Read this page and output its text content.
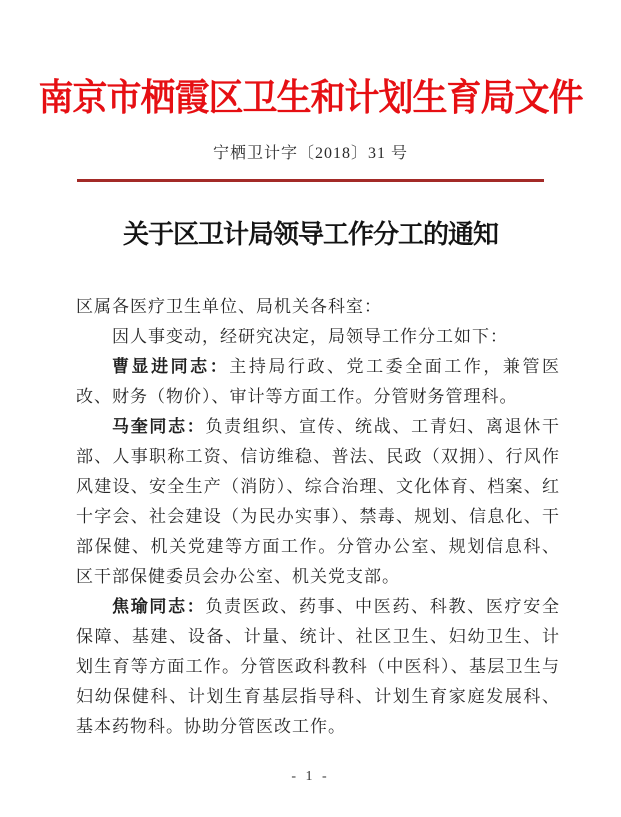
南京市栖霞区卫生和计划生育局文件
宁栖卫计字〔2018〕31 号
关于区卫计局领导工作分工的通知

区属各医疗卫生单位、局机关各科室：

因人事变动，经研究决定，局领导工作分工如下：

曹显进同志：主持局行政、党工委全面工作，兼管医改、财务（物价）、审计等方面工作。分管财务管理科。

马奎同志：负责组织、宣传、统战、工青妇、离退休干部、人事职称工资、信访维稳、普法、民政（双拥）、行风作风建设、安全生产（消防）、综合治理、文化体育、档案、红十字会、社会建设（为民办实事）、禁毒、规划、信息化、干部保健、机关党建等方面工作。分管办公室、规划信息科、区干部保健委员会办公室、机关党支部。

焦瑜同志：负责医政、药事、中医药、科教、医疗安全保障、基建、设备、计量、统计、社区卫生、妇幼卫生、计划生育等方面工作。分管医政科教科（中医科）、基层卫生与妇幼保健科、计划生育基层指导科、计划生育家庭发展科、基本药物科。协助分管医改工作。

- 1 -
